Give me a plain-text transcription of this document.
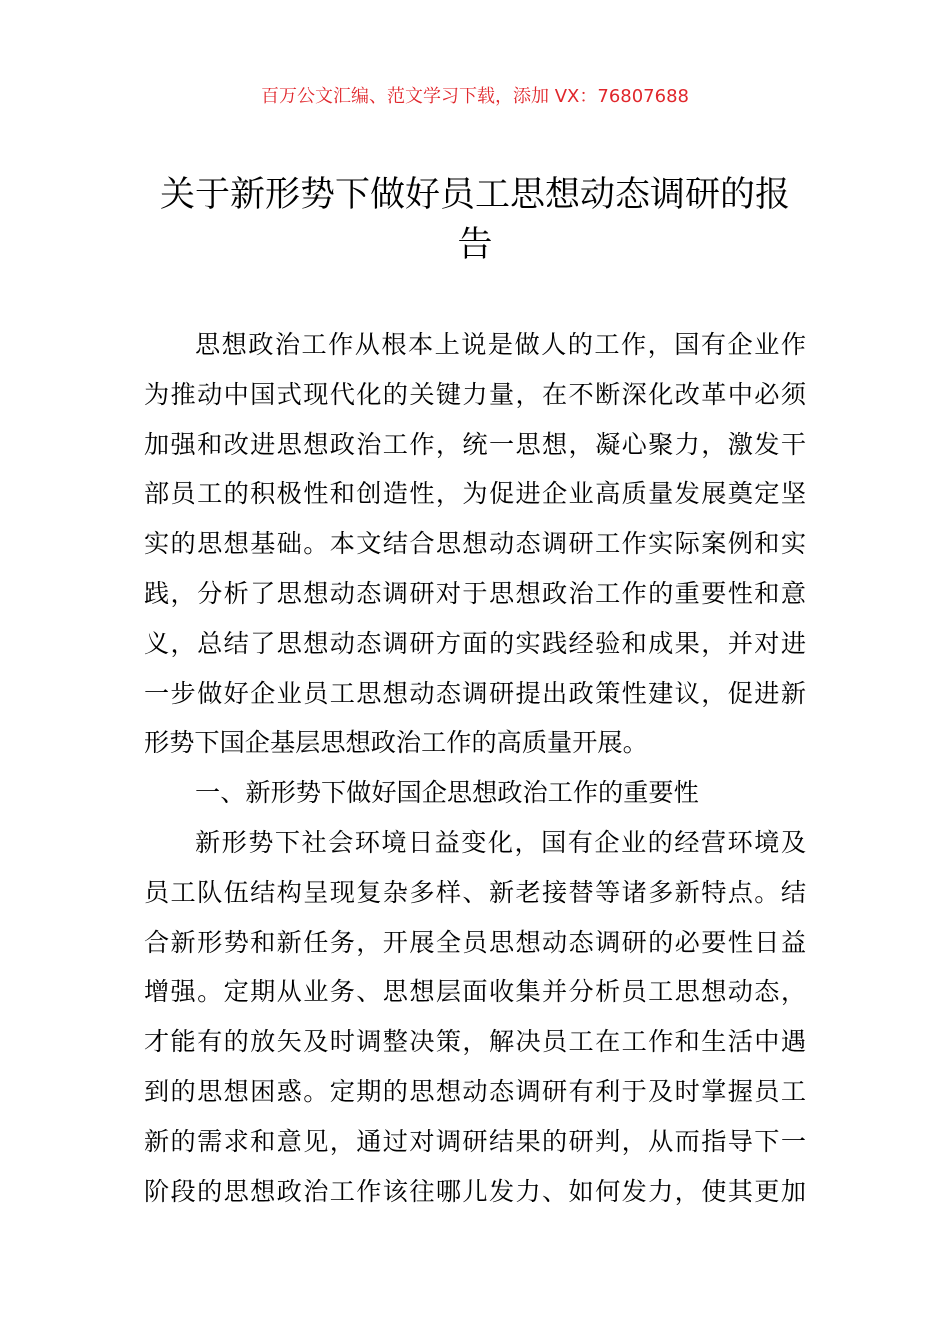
百万公文汇编、范文学习下载，添加 VX：76807688
关于新形势下做好员工思想动态调研的报
告
思想政治工作从根本上说是做人的工作，国有企业作
为推动中国式现代化的关键力量，在不断深化改革中必须
加强和改进思想政治工作，统一思想，凝心聚力，激发干
部员工的积极性和创造性，为促进企业高质量发展奠定坚
实的思想基础。本文结合思想动态调研工作实际案例和实
践，分析了思想动态调研对于思想政治工作的重要性和意
义，总结了思想动态调研方面的实践经验和成果，并对进
一步做好企业员工思想动态调研提出政策性建议，促进新
形势下国企基层思想政治工作的高质量开展。
一、新形势下做好国企思想政治工作的重要性
新形势下社会环境日益变化，国有企业的经营环境及
员工队伍结构呈现复杂多样、新老接替等诸多新特点。结
合新形势和新任务，开展全员思想动态调研的必要性日益
增强。定期从业务、思想层面收集并分析员工思想动态，
才能有的放矢及时调整决策，解决员工在工作和生活中遇
到的思想困惑。定期的思想动态调研有利于及时掌握员工
新的需求和意见，通过对调研结果的研判，从而指导下一
阶段的思想政治工作该往哪儿发力、如何发力，使其更加
